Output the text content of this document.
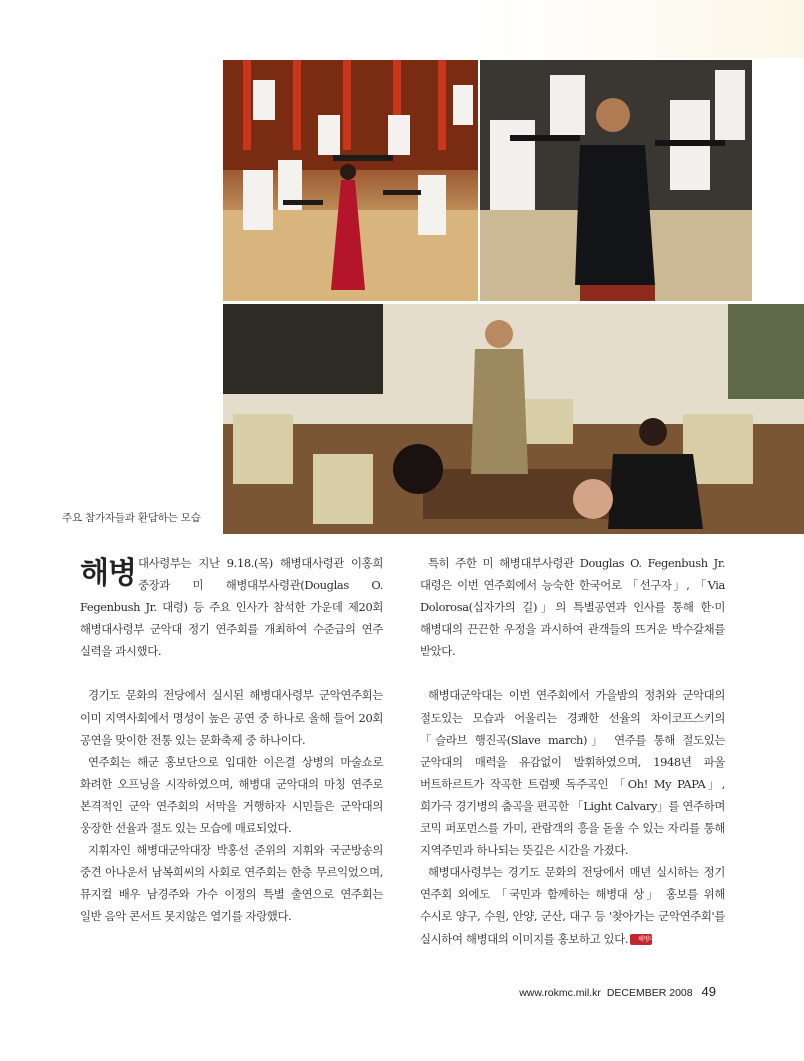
주요 참가자들과 환담하는 모습

해병 대사령부는 지난 9.18.(목) 해병대사령관 이홍희 중장과 미 해병대부사령관(Douglas O. Fegenbush Jr. 대령) 등 주요 인사가 참석한 가운데 제20회 해병대사령부 군악대 정기 연주회를 개최하여 수준급의 연주 실력을 과시했다.

경기도 문화의 전당에서 실시된 해병대사령부 군악연주회는 이미 지역사회에서 명성이 높은 공연 중 하나로 올해 들어 20회 공연을 맞이한 전통 있는 문화축제 중 하나이다.

연주회는 해군 홍보단으로 입대한 이은결 상병의 마술쇼로 화려한 오프닝을 시작하였으며, 해병대 군악대의 마칭 연주로 본격적인 군악 연주회의 서막을 거행하자 시민들은 군악대의 웅장한 선율과 절도 있는 모습에 매료되었다.

지휘자인 해병대군악대장 박홍선 준위의 지휘와 국군방송의 중견 아나운서 남복희씨의 사회로 연주회는 한층 무르익었으며, 뮤지컬 배우 남경주와 가수 이정의 특별 출연으로 연주회는 일반 음악 콘서트 못지않은 열기를 자랑했다.

특히 주한 미 해병대부사령관 Douglas O. Fegenbush Jr. 대령은 이번 연주회에서 능숙한 한국어로 「선구자」, 「Via Dolorosa(십자가의 길)」의 특별공연과 인사를 통해 한·미 해병대의 끈끈한 우정을 과시하여 관객들의 뜨거운 박수갈채를 받았다.

해병대군악대는 이번 연주회에서 가을밤의 정취와 군악대의 절도있는 모습과 어울리는 경쾌한 선율의 차이코프스키의 「슬라브 행진곡(Slave march)」 연주를 통해 절도있는 군악대의 매력을 유감없이 발휘하였으며, 1948년 파울 버트하르트가 작곡한 트럼펫 독주곡인 「Oh! My PAPA」, 희가극 경기병의 춤곡을 편곡한 「Light Calvary」를 연주하며 코믹 퍼포먼스를 가미, 관람객의 흥을 돋울 수 있는 자리를 통해 지역주민과 하나되는 뜻깊은 시간을 가졌다.

해병대사령부는 경기도 문화의 전당에서 매년 실시하는 정기 연주회 외에도 「국민과 함께하는 해병대 상」 홍보를 위해 수시로 양구, 수원, 안양, 군산, 대구 등 '찾아가는 군악연주회'를 실시하여 해병대의 이미지를 홍보하고 있다. 해병대

www.rokmc.mil.kr DECEMBER 2008 49
